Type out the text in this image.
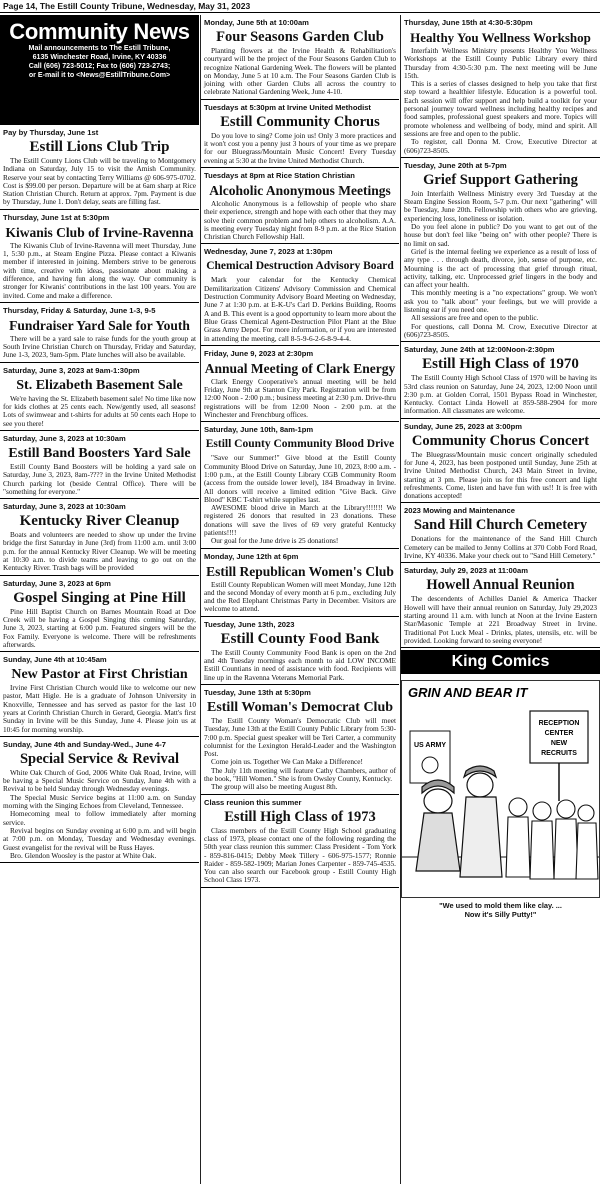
Page 14, The Estill County Tribune, Wednesday, May 31, 2023
Community News

Mail announcements to The Estill Tribune,

6135 Winchester Road, Irvine, KY 40336

Call (606) 723-5012; Fax to (606) 723-2743;

or E-mail it to <News@EstillTribune.Com>

Pay by Thursday, June 1st
Estill Lions Club Trip

The Estill County Lions Club will be traveling to Montgomery Indiana on Saturday, July 15 to visit the Amish Community. Reserve your seat by contacting Terry Williams @ 606-975-0702. Cost is $99.00 per person. Departure will be at 6am sharp at Rice Station Christian Church. Return at approx. 7pm. Payment is due by Thursday, June 1. Don't delay, seats are filling fast.

Thursday, June 1st at 5:30pm
Kiwanis Club of Irvine-Ravenna

The Kiwanis Club of Irvine-Ravenna will meet Thursday, June 1, 5:30 p.m., at Steam Engine Pizza. Please contact a Kiwanis member if interested in joining. Members strive to be generous with time, creative with ideas, passionate about making a difference, and having fun along the way. Our community is stronger for Kiwanis' contributions in the last 100 years. You are invited. Come and make a difference.

Thursday, Friday & Saturday, June 1-3, 9-5
Fundraiser Yard Sale for Youth

There will be a yard sale to raise funds for the youth group at South Irvine Christian Church on Thursday, Friday and Saturday, June 1-3, 2023, 9am-5pm. Plate lunches will also be available.

Saturday, June 3, 2023 at 9am-1:30pm
St. Elizabeth Basement Sale

We're having the St. Elizabeth basement sale! No time like now for kids clothes at 25 cents each. New/gently used, all seasons! Lots of swimwear and t-shirts for adults at 50 cents each Hope to see you there!

Saturday, June 3, 2023 at 10:30am
Estill Band Boosters Yard Sale

Estill County Band Boosters will be holding a yard sale on Saturday, June 3, 2023, 8am-???? in the Irvine United Methodist Church parking lot (beside Central Office). There will be "something for everyone."

Saturday, June 3, 2023 at 10:30am
Kentucky River Cleanup

Boats and volunteers are needed to show up under the Irvine bridge the first Saturday in June (3rd) from 11:00 a.m. until 3:00 p.m. for the annual Kentucky River Cleanup. We will be meeting at 10:30 a.m. to divide teams and leaving to go out on the Kentucky River. Trash bags will be provided

Saturday, June 3, 2023 at 6pm
Gospel Singing at Pine Hill

Pine Hill Baptist Church on Barnes Mountain Road at Doe Creek will be having a Gospel Singing this coming Saturday, June 3, 2023, starting at 6:00 p.m. Featured singers will be the Fox Family. Everyone is welcome. There will be refreshments afterwards.

Sunday, June 4th at 10:45am
New Pastor at First Christian

Irvine First Christian Church would like to welcome our new pastor, Matt Higle. He is a graduate of Johnson University in Knoxville, Tennessee and has served as pastor for the last 10 years at Corinth Christian Church in Gerard, Georgia. Matt's first Sunday in Irvine will be this Sunday, June 4. Please join us at 10:45 for morning worship.

Sunday, June 4th and Sunday-Wed., June 4-7
Special Service & Revival

White Oak Church of God, 2006 White Oak Road, Irvine, will be having a Special Music Service on Sunday, June 4th with a Revival to be held Sunday through Wednesday evenings.

The Special Music Service begins at 11:00 a.m. on Sunday morning with the Singing Echoes from Cleveland, Tennessee.

Homecoming meal to follow immediately after morning service.

Revival begins on Sunday evening at 6:00 p.m. and will begin at 7:00 p.m. on Monday, Tuesday and Wednesday evenings. Guest evangelist for the revival will be Russ Hayes.

Bro. Glendon Woosley is the pastor at White Oak.

Monday, June 5th at 10:00am
Four Seasons Garden Club

Planting flowers at the Irvine Health & Rehabilitation's courtyard will be the project of the Four Seasons Garden Club to recognize National Gardening Week. The flowers will be planted on Monday, June 5 at 10 a.m. The Four Seasons Garden Club is joining with other Garden Clubs all across the country to celebrate National Gardening Week, June 4-10.

Tuesdays at 5:30pm at Irvine United Methodist
Estill Community Chorus

Do you love to sing? Come join us! Only 3 more practices and it won't cost you a penny just 3 hours of your time as we prepare for our Bluegrass/Mountain Music Concert! Every Tuesday evening at 5:30 at the Irvine United Methodist Church.

Tuesdays at 8pm at Rice Station Christian
Alcoholic Anonymous Meetings

Alcoholic Anonymous is a fellowship of people who share their experience, strength and hope with each other that they may solve their common problem and help others to alcoholism. A.A. is meeting every Tuesday night from 8-9 p.m. at the Rice Station Christian Church Fellowship Hall.

Wednesday, June 7, 2023 at 1:30pm
Chemical Destruction Advisory Board

Mark your calendar for the Kentucky Chemical Demilitarization Citizens' Advisory Commission and Chemical Destruction Community Advisory Board Meeting on Wednesday, June 7 at 1:30 p.m. at E-K-U's Carl D. Perkins Building, Rooms A and B. This event is a good opportunity to learn more about the Blue Grass Chemical Agent-Destruction Pilot Plant at the Blue Grass Army Depot. For more information, or if you are interested in attending the meeting, call 8-5-9-6-2-6-8-9-4-4.

Friday, June 9, 2023 at 2:30pm
Annual Meeting of Clark Energy

Clark Energy Cooperative's annual meeting will be held Friday, June 9th at Stanton City Park. Registration will be from 12:00 Noon - 2:00 p.m.; business meeting at 2:30 p.m. Drive-thru registrations will be from 12:00 Noon - 2:00 p.m. at the Winchester and Frenchburg offices.

Saturday, June 10th, 8am-1pm
Estill County Community Blood Drive

"Save our Summer!" Give blood at the Estill County Community Blood Drive on Saturday, June 10, 2023, 8:00 a.m. - 1:00 p.m., at the Estill County Library CGB Community Room (access from the outside lower level), 184 Broadway in Irvine. All donors will receive a limited edition "Give Back. Give Blood" KBC T-shirt while supplies last.

AWESOME blood drive in March at the Library!!!!!!! We registered 26 donors that resulted in 23 donations. These donations will save the lives of 69 very grateful Kentucky patients!!!!

Our goal for the June drive is 25 donations!

Monday, June 12th at 6pm
Estill Republican Women's Club

Estill County Republican Women will meet Monday, June 12th and the second Monday of every month at 6 p.m., excluding July and the Red Elephant Christmas Party in December. Visitors are welcome to attend.

Tuesday, June 13th, 2023
Estill County Food Bank

The Estill County Community Food Bank is open on the 2nd and 4th Tuesday mornings each month to aid LOW INCOME Estill Countians in need of assistance with food. Recipients will line up in the Ravenna Veterans Memorial Park.

Tuesday, June 13th at 5:30pm
Estill Woman's Democrat Club

The Estill County Woman's Democratic Club will meet Tuesday, June 13th at the Estill County Public Library from 5:30-7:00 p.m. Special guest speaker will be Teri Carter, a community columnist for the Lexington Herald-Leader and the Washington Post.

Come join us. Together We Can Make a Difference!

The July 11th meeting will feature Cathy Chambers, author of the book, "Hill Women." She is from Owsley County, Kentucky.

The group will also be meeting August 8th.

Class reunion this summer
Estill High Class of 1973

Class members of the Estill County High School graduating class of 1973, please contact one of the following regarding the 50th year class reunion this summer: Class President - Tom York - 859-816-0415; Debby Meek Tillery - 606-975-1577; Ronnie Raider - 859-582-1909; Marian Jones Carpenter - 859-745-4535. You can also search our Facebook group - Estill County High School Class 1973.

Thursday, June 15th at 4:30-5:30pm
Healthy You Wellness Workshop

Interfaith Wellness Ministry presents Healthy You Wellness Workshops at the Estill County Public Library every third Thursday from 4:30-5:30 p.m. The next meeting will be June 15th.

This is a series of classes designed to help you take that first step toward a healthier lifestyle. Education is a powerful tool. Each session will offer support and help build a toolkit for your personal journey toward wellness including healthy recipes and food samples, professional guest speakers and more. Topics will promote wholeness and wellbeing of body, mind and spirit. All sessions are free and open to the public.

To register, call Donna M. Crow, Executive Director at (606)723-8505.

Tuesday, June 20th at 5-7pm
Grief Support Gathering

Join Interfaith Wellness Ministry every 3rd Tuesday at the Steam Engine Session Room, 5-7 p.m. Our next "gathering" will be Tuesday, June 20th. Fellowship with others who are grieving, experiencing loss, loneliness or isolation.

Do you feel alone in public? Do you want to get out of the house but don't feel like "being on" with other people? There is no limit on sad.

Grief is the internal feeling we experience as a result of loss of any type . . . through death, divorce, job, sense of purpose, etc. Mourning is the act of processing that grief through ritual, activity, talking, etc. Unprocessed grief lingers in the body and can affect your health.

This monthly meeting is a "no expectations" group. We won't ask you to "talk about" your feelings, but we will provide a listening ear if you need one.

All sessions are free and open to the public.

For questions, call Donna M. Crow, Executive Director at (606)723-8505.

Saturday, June 24th at 12:00Noon-2:30pm
Estill High Class of 1970

The Estill County High School Class of 1970 will be having its 53rd class reunion on Saturday, June 24, 2023, 12:00 Noon until 2:30 p.m. at Golden Corral, 1501 Bypass Road in Winchester, Kentucky. Contact Linda Howell at 859-588-2904 for more information. All classmates are welcome.

Sunday, June 25, 2023 at 3:00pm
Community Chorus Concert

The Bluegrass/Mountain music concert originally scheduled for June 4, 2023, has been postponed until Sunday, June 25th at Irvine United Methodist Church, 243 Main Street in Irvine, starting at 3 pm. Please join us for this free concert and light refreshments. Come, listen and have fun with us!! It is free with donations accepted!

2023 Mowing and Maintenance
Sand Hill Church Cemetery

Donations for the maintenance of the Sand Hill Church Cemetery can be mailed to Jenny Collins at 370 Cobb Ford Road, Irvine, KY 40336. Make your check out to "Sand Hill Cemetery."

Saturday, July 29, 2023 at 11:00am
Howell Annual Reunion

The descendents of Achilles Daniel & America Thacker Howell will have their annual reunion on Saturday, July 29,2023 starting around 11 a.m. with lunch at Noon at the Irvine Eastern Star/Masonic Temple at 221 Broadway Street in Irvine. Traditional Pot Luck Meal - Drinks, plates, utensils, etc. will be provided. Looking forward to seeing everyone!

King Comics
GRIN AND BEAR IT
RECEPTION
CENTER
NEW
RECRUITS
US ARMY
"We used to mold them like clay. ...
Now it's Silly Putty!"
